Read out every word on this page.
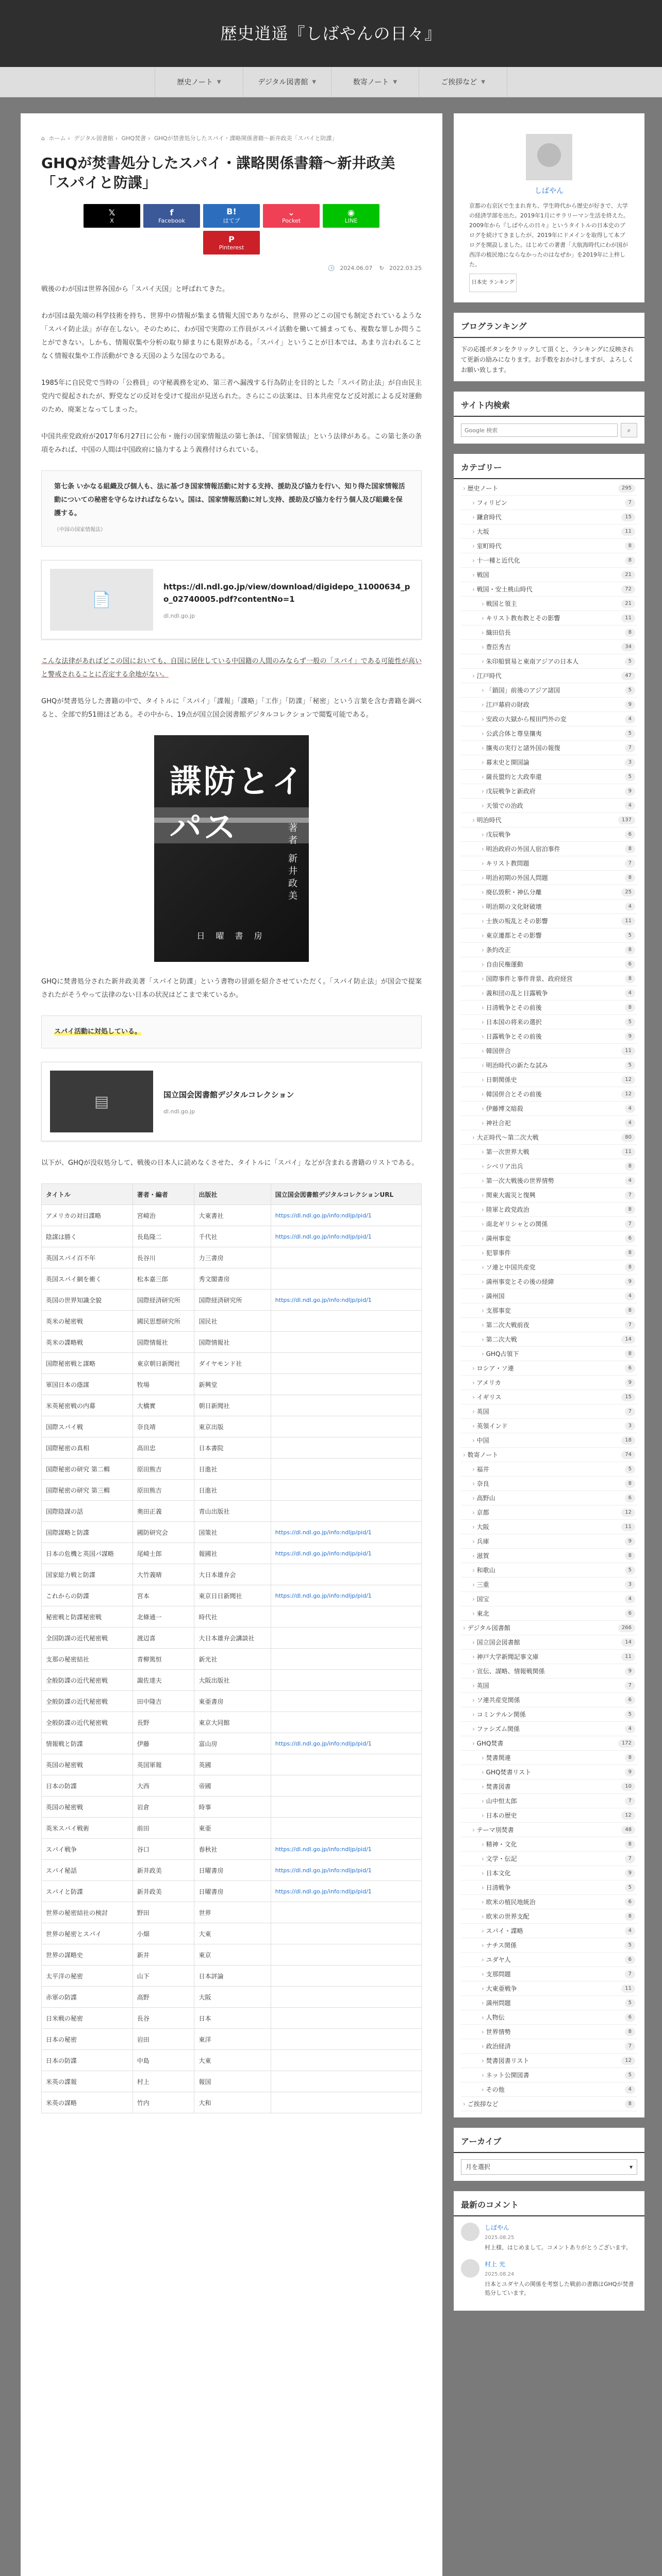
歴史逍遥『しばやんの日々』
歴史ノート ▼	デジタル図書館 ▼	数寄ノート ▼	ご挨拶など ▼
⌂ ホーム › デジタル図書館 › GHQ焚書 › GHQが禁書処分したスパイ・諜略関係書籍～新井政美「スパイと防諜」
GHQが焚書処分したスパイ・諜略関係書籍～新井政美「スパイと防諜」
𝕏
X
f
Facebook
B!
はてブ
⌄
Pocket
◉
LINE
P
Pinterest
🕓 2024.06.07 ↻ 2022.03.25

戦後のわが国は世界各国から「スパイ天国」と呼ばれてきた。

わが国は最先端の科学技術を持ち、世界中の情報が集まる情報大国でありながら、世界のどこの国でも制定されているような「スパイ防止法」が存在しない。そのために、わが国で実際の工作員がスパイ活動を働いて捕まっても、複数な罪しか問うことができない。しかも、情報収集や分析の取り締まりにも限界がある。「スパイ」ということが日本では、あまり言われることなく情報収集や工作活動ができる天国のような国なのである。

1985年に自民党で当時の「公務員」の守秘義務を定め、第三者へ漏洩する行為防止を目的とした「スパイ防止法」が自由民主党内で提起されたが、野党などの反対を受けて提出が見送られた。さらにこの法案は、日本共産党など反対派による反対運動のため、廃案となってしまった。

中国共産党政府が2017年6月27日に公布・施行の国家情報法の第七条は、「国家情報法」という法律がある。この第七条の条項をみれば、中国の人間は中国政府に協力するよう義務付けられている。

第七条 いかなる組織及び個人も、法に基づき国家情報活動に対する支持、援助及び協力を行い、知り得た国家情報活動についての秘密を守らなければならない。国は、国家情報活動に対し支持、援助及び協力を行う個人及び組織を保護する。
（中国の国家情報法）
📄
https://dl.ndl.go.jp/view/download/digidepo_11000634_po_02740005.pdf?contentNo=1
dl.ndl.go.jp

こんな法律があればどこの国においても、自国に居住している中国籍の人間のみならず一般の「スパイ」である可能性が高いと警戒されることに否定する余地がない。

GHQが焚書処分した書籍の中で、タイトルに「スパイ」「諜報」「諜略」「工作」「防諜」「秘密」という言葉を含む書籍を調べると、全部で約51冊ほどある。その中から、19点が国立国会図書館デジタルコレクションで閲覧可能である。

諜防とイパス	著者 新井政美
日 曜 書 房

GHQに焚書処分された新井政美著「スパイと防諜」という書物の冒頭を紹介させていただく。「スパイ防止法」が国会で提案されたがそうやって法律のない日本の状況はどこまで来ているか。

スパイ活動に対処している。
▤	国立国会図書館デジタルコレクション
dl.ndl.go.jp

以下が、GHQが没収処分して、戦後の日本人に読めなくさせた、タイトルに「スパイ」などが含まれる書籍のリストである。

タイトル	著者・編者	出版社	国立国会図書館デジタルコレクションURL
アメリカの対日諜略	宮崎治	大東書社	https://dl.ndl.go.jp/info:ndljp/pid/1
陰謀は勝く	長島隆二	千代社	https://dl.ndl.go.jp/info:ndljp/pid/1
英国スパイ百不年	長谷川	力三書房	
英国スパイ網を衝く	松本嘉三郎	秀文閣書房	
英国の世界知識全貌	国際経済研究所	国際経済研究所	https://dl.ndl.go.jp/info:ndljp/pid/1
英米の秘密戦	國民思想研究所	国民社	
英米の諜略戦	国際情報社	国際情報社	
国際秘密戦と謀略	東京朝日新聞社	ダイヤモンド社	
軍国日本の蔭謀	牧場	新興堂	
米英秘密戦の内幕	大橋實	朝日新聞社	
国際スパイ戦	奈良靖	東京出版	
国際秘密の真相	高田忠	日本書院	
国際秘密の研究 第二輯	原田熊吉	日進社	
国際秘密の研究 第三輯	原田熊吉	日進社	
国際陰謀の話	奥田正義	青山出版社	
国際謀略と防諜	國防研究会	国策社	https://dl.ndl.go.jp/info:ndljp/pid/1
日本の危機と英国パ謀略	尾崎士郎	報國社	https://dl.ndl.go.jp/info:ndljp/pid/1
国家総力戦と防諜	大竹義晴	大日本雄弁会	
これからの防諜	宮本	東京日日新聞社	https://dl.ndl.go.jp/info:ndljp/pid/1
秘密戦と防諜秘密戦	北條通一	時代社	
全国防課の近代秘密戦	渡辺喜	大日本雄弁会講談社	
支那の秘密結社	青柳篤恒	新光社	
全般防諜の近代秘密戦	諏佐達夫	大阪出版社	
全般防諜の近代秘密戦	田中隆吉	東亜書房	
全般防諜の近代秘密戦	長野	東京大同館	
情報戦と防諜	伊藤	富山房	https://dl.ndl.go.jp/info:ndljp/pid/1
英国の秘密戦	英国軍報	英國	
日本の防諜	大西	帝國	
英国の秘密戦	岩倉	時事	
英米スパイ戦術	前田	東亜	
スパイ戦争	谷口	春秋社	https://dl.ndl.go.jp/info:ndljp/pid/1
スパイ秘話	新井政美	日曜書房	https://dl.ndl.go.jp/info:ndljp/pid/1
スパイと防諜	新井政美	日曜書房	https://dl.ndl.go.jp/info:ndljp/pid/1
世界の秘密結社の検討	野田	世界	
世界の秘密とスパイ	小畑	大東	
世界の謀略史	新井	東京	
太平洋の秘密	山下	日本評論	
赤軍の防諜	高野	大阪	
日米戦の秘密	長谷	日本	
日本の秘密	岩田	東洋	
日本の防諜	中島	大東	
米英の諜報	村上	報国	
米英の謀略	竹内	大和	
しばやん
京都の右京区で生まれ育ち、学生時代から歴史が好きで、大学の経済学部を出た。2019年1月にサラリーマン生活を終えた。2009年から『しばやんの日々』というタイトルの日本史のブログを続けてきましたが、2019年にドメインを取得して本ブログを開設しました。はじめての著書「大航海時代にわが国が西洋の植民地にならなかったのはなぜか」を2019年に上梓した。
日本史 ランキング
ブログランキング
下の応援ボタンをクリックして頂くと、ランキングに反映されて更新の励みになります。お手数をおかけしますが、よろしくお願い致します。
サイト内検索
Google 検索
⌕
カテゴリー
› 歴史ノート	295
› フィリピン	7
› 鎌倉時代	15
› 大坂	11
› 室町時代	8
› 十一種と近代化	8
› 戦国	21
› 戦国・安土桃山時代	72
› 戦国と領主	21
› キリスト教布教とその影響	11
› 織田信長	8
› 豊臣秀吉	34
› 朱印船貿易と東南アジアの日本人	5
› 江戸時代	47
› 「鎖国」前後のアジア諸国	5
› 江戸幕府の財政	9
› 安政の大獄から桜田門外の変	4
› 公武合体と尊皇攘夷	5
› 攘夷の実行と諸外国の報復	7
› 幕末史と開国論	3
› 薩長盟約と大政奉還	5
› 戊辰戦争と新政府	9
› 天領での治政	4
› 明治時代	137
› 戊辰戦争	6
› 明治政府の外国人宿泊事件	8
› キリスト教問題	7
› 明治初期の外国人問題	8
› 廃仏毀釈・神仏分離	25
› 明治期の文化財破壊	4
› 士族の叛乱とその影響	11
› 東京遷都とその影響	5
› 条約改正	8
› 自由民権運動	6
› 国際事件と事件背景、政府経営	8
› 義和団の乱と日露戦争	4
› 日清戦争とその前後	8
› 日本国の将来の選択	5
› 日露戦争とその前後	9
› 韓国併合	11
› 明治時代の新たな試み	5
› 日朝関係史	12
› 韓国併合とその前後	12
› 伊藤博文暗殺	4
› 神社合祀	4
› 大正時代～第二次大戦	80
› 第一次世界大戦	11
› シベリア出兵	8
› 第一次大戦後の世界情勢	4
› 関東大震災と復興	7
› 陸軍と政党政治	8
› 南北ギリシャとの関係	7
› 満州事変	6
› 犯罪事件	8
› ソ連と中国共産党	8
› 満州事変とその後の経緯	9
› 満州国	4
› 支那事変	8
› 第二次大戦前夜	7
› 第二次大戦	14
› GHQ占領下	8
› ロシア・ソ連	6
› アメリカ	9
› イギリス	15
› 英国	7
› 英領インド	3
› 中国	18
› 数寄ノート	74
› 福井	5
› 奈良	8
› 高野山	6
› 京都	12
› 大阪	11
› 兵庫	9
› 滋賀	8
› 和歌山	5
› 三重	3
› 国宝	4
› 東北	6
› デジタル図書館	266
› 国立国会図書館	14
› 神戸大学新聞記事文庫	11
› 宣伝、謀略、情報戦関係	9
› 英国	7
› ソ連共産党関係	6
› コミンテルン関係	5
› ファシズム関係	4
› GHQ焚書	172
› 焚書関連	8
› GHQ焚書リスト	9
› 焚書図書	10
› 山中恒太郎	7
› 日本の歴史	12
› テーマ別焚書	48
› 精神・文化	8
› 文学・伝記	7
› 日本文化	9
› 日清戦争	5
› 欧米の植民地統治	6
› 欧米の世界支配	8
› スパイ・諜略	4
› ナチス関係	5
› ユダヤ人	6
› 支那問題	7
› 大東亜戦争	11
› 満州問題	5
› 人物伝	6
› 世界情勢	8
› 政治経済	7
› 焚書図書リスト	12
› ネット公開図書	5
› その他	4
› ご挨拶など	8
アーカイブ
月を選択	▾
最新のコメント
しばやん
2025.08.25
村上様、はじめまして。コメントありがとうございます。
村上 光
2025.08.24
日本とユダヤ人の関係を考察した戦前の書籍はGHQが焚書処分しています。
